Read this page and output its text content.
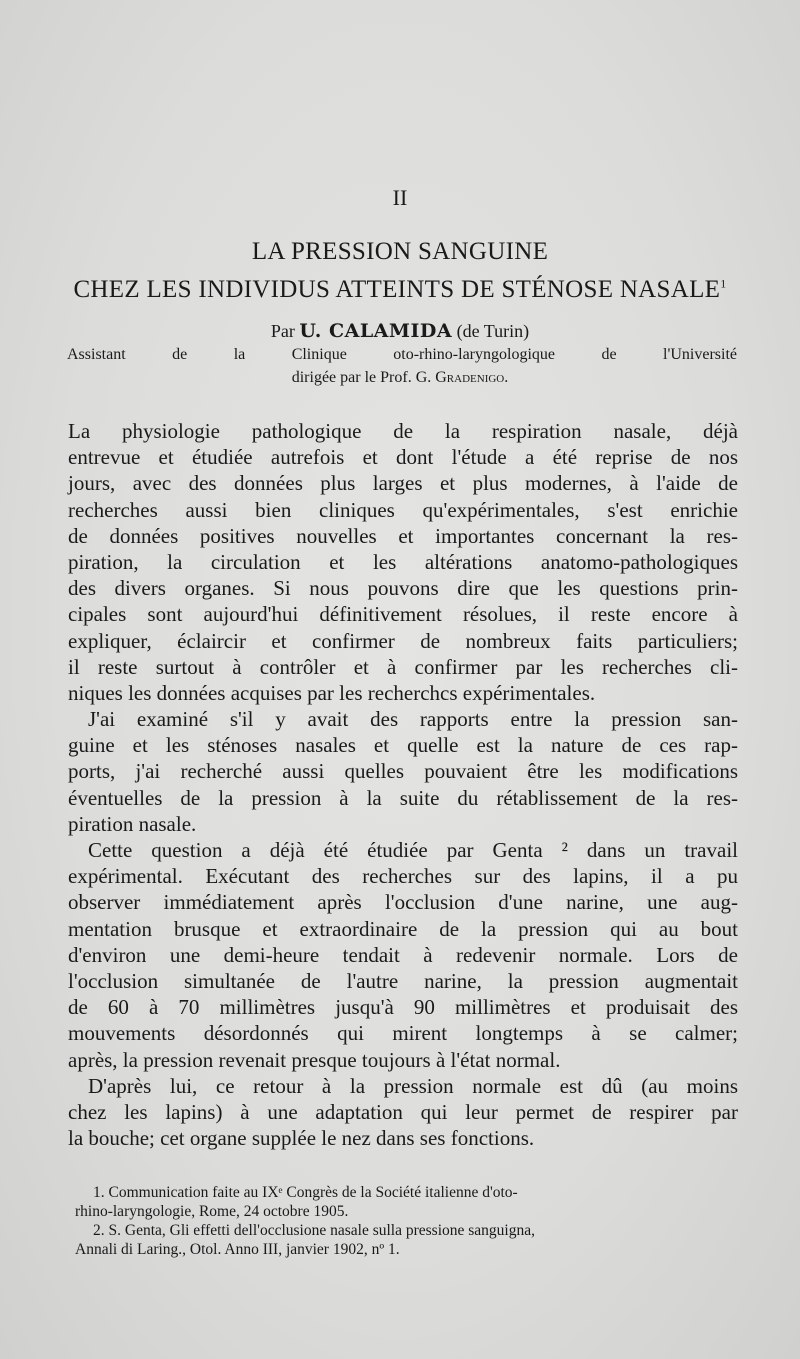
II
LA PRESSION SANGUINE
CHEZ LES INDIVIDUS ATTEINTS DE STÉNOSE NASALE$^1$
Par U. CALAMIDA (de Turin)
Assistant de la Clinique oto-rhino-laryngologique de l'Université
dirigée par le Prof. G. Gradenigo.
La physiologie pathologique de la respiration nasale, déjà
entrevue et étudiée autrefois et dont l'étude a été reprise de nos
jours, avec des données plus larges et plus modernes, à l'aide de
recherches aussi bien cliniques qu'expérimentales, s'est enrichie
de données positives nouvelles et importantes concernant la res-
piration, la circulation et les altérations anatomo-pathologiques
des divers organes. Si nous pouvons dire que les questions prin-
cipales sont aujourd'hui définitivement résolues, il reste encore à
expliquer, éclaircir et confirmer de nombreux faits particuliers;
il reste surtout à contrôler et à confirmer par les recherches cli-
niques les données acquises par les recherchcs expérimentales.
J'ai examiné s'il y avait des rapports entre la pression san-
guine et les sténoses nasales et quelle est la nature de ces rap-
ports, j'ai recherché aussi quelles pouvaient être les modifications
éventuelles de la pression à la suite du rétablissement de la res-
piration nasale.
Cette question a déjà été étudiée par Genta ² dans un travail
expérimental. Exécutant des recherches sur des lapins, il a pu
observer immédiatement après l'occlusion d'une narine, une aug-
mentation brusque et extraordinaire de la pression qui au bout
d'environ une demi-heure tendait à redevenir normale. Lors de
l'occlusion simultanée de l'autre narine, la pression augmentait
de 60 à 70 millimètres jusqu'à 90 millimètres et produisait des
mouvements désordonnés qui mirent longtemps à se calmer;
après, la pression revenait presque toujours à l'état normal.
D'après lui, ce retour à la pression normale est dû (au moins
chez les lapins) à une adaptation qui leur permet de respirer par
la bouche; cet organe supplée le nez dans ses fonctions.
1. Communication faite au IXᵉ Congrès de la Société italienne d'oto-
rhino-laryngologie, Rome, 24 octobre 1905.
2. S. Genta, Gli effetti dell'occlusione nasale sulla pressione sanguigna,
Annali di Laring., Otol. Anno III, janvier 1902, nº 1.
